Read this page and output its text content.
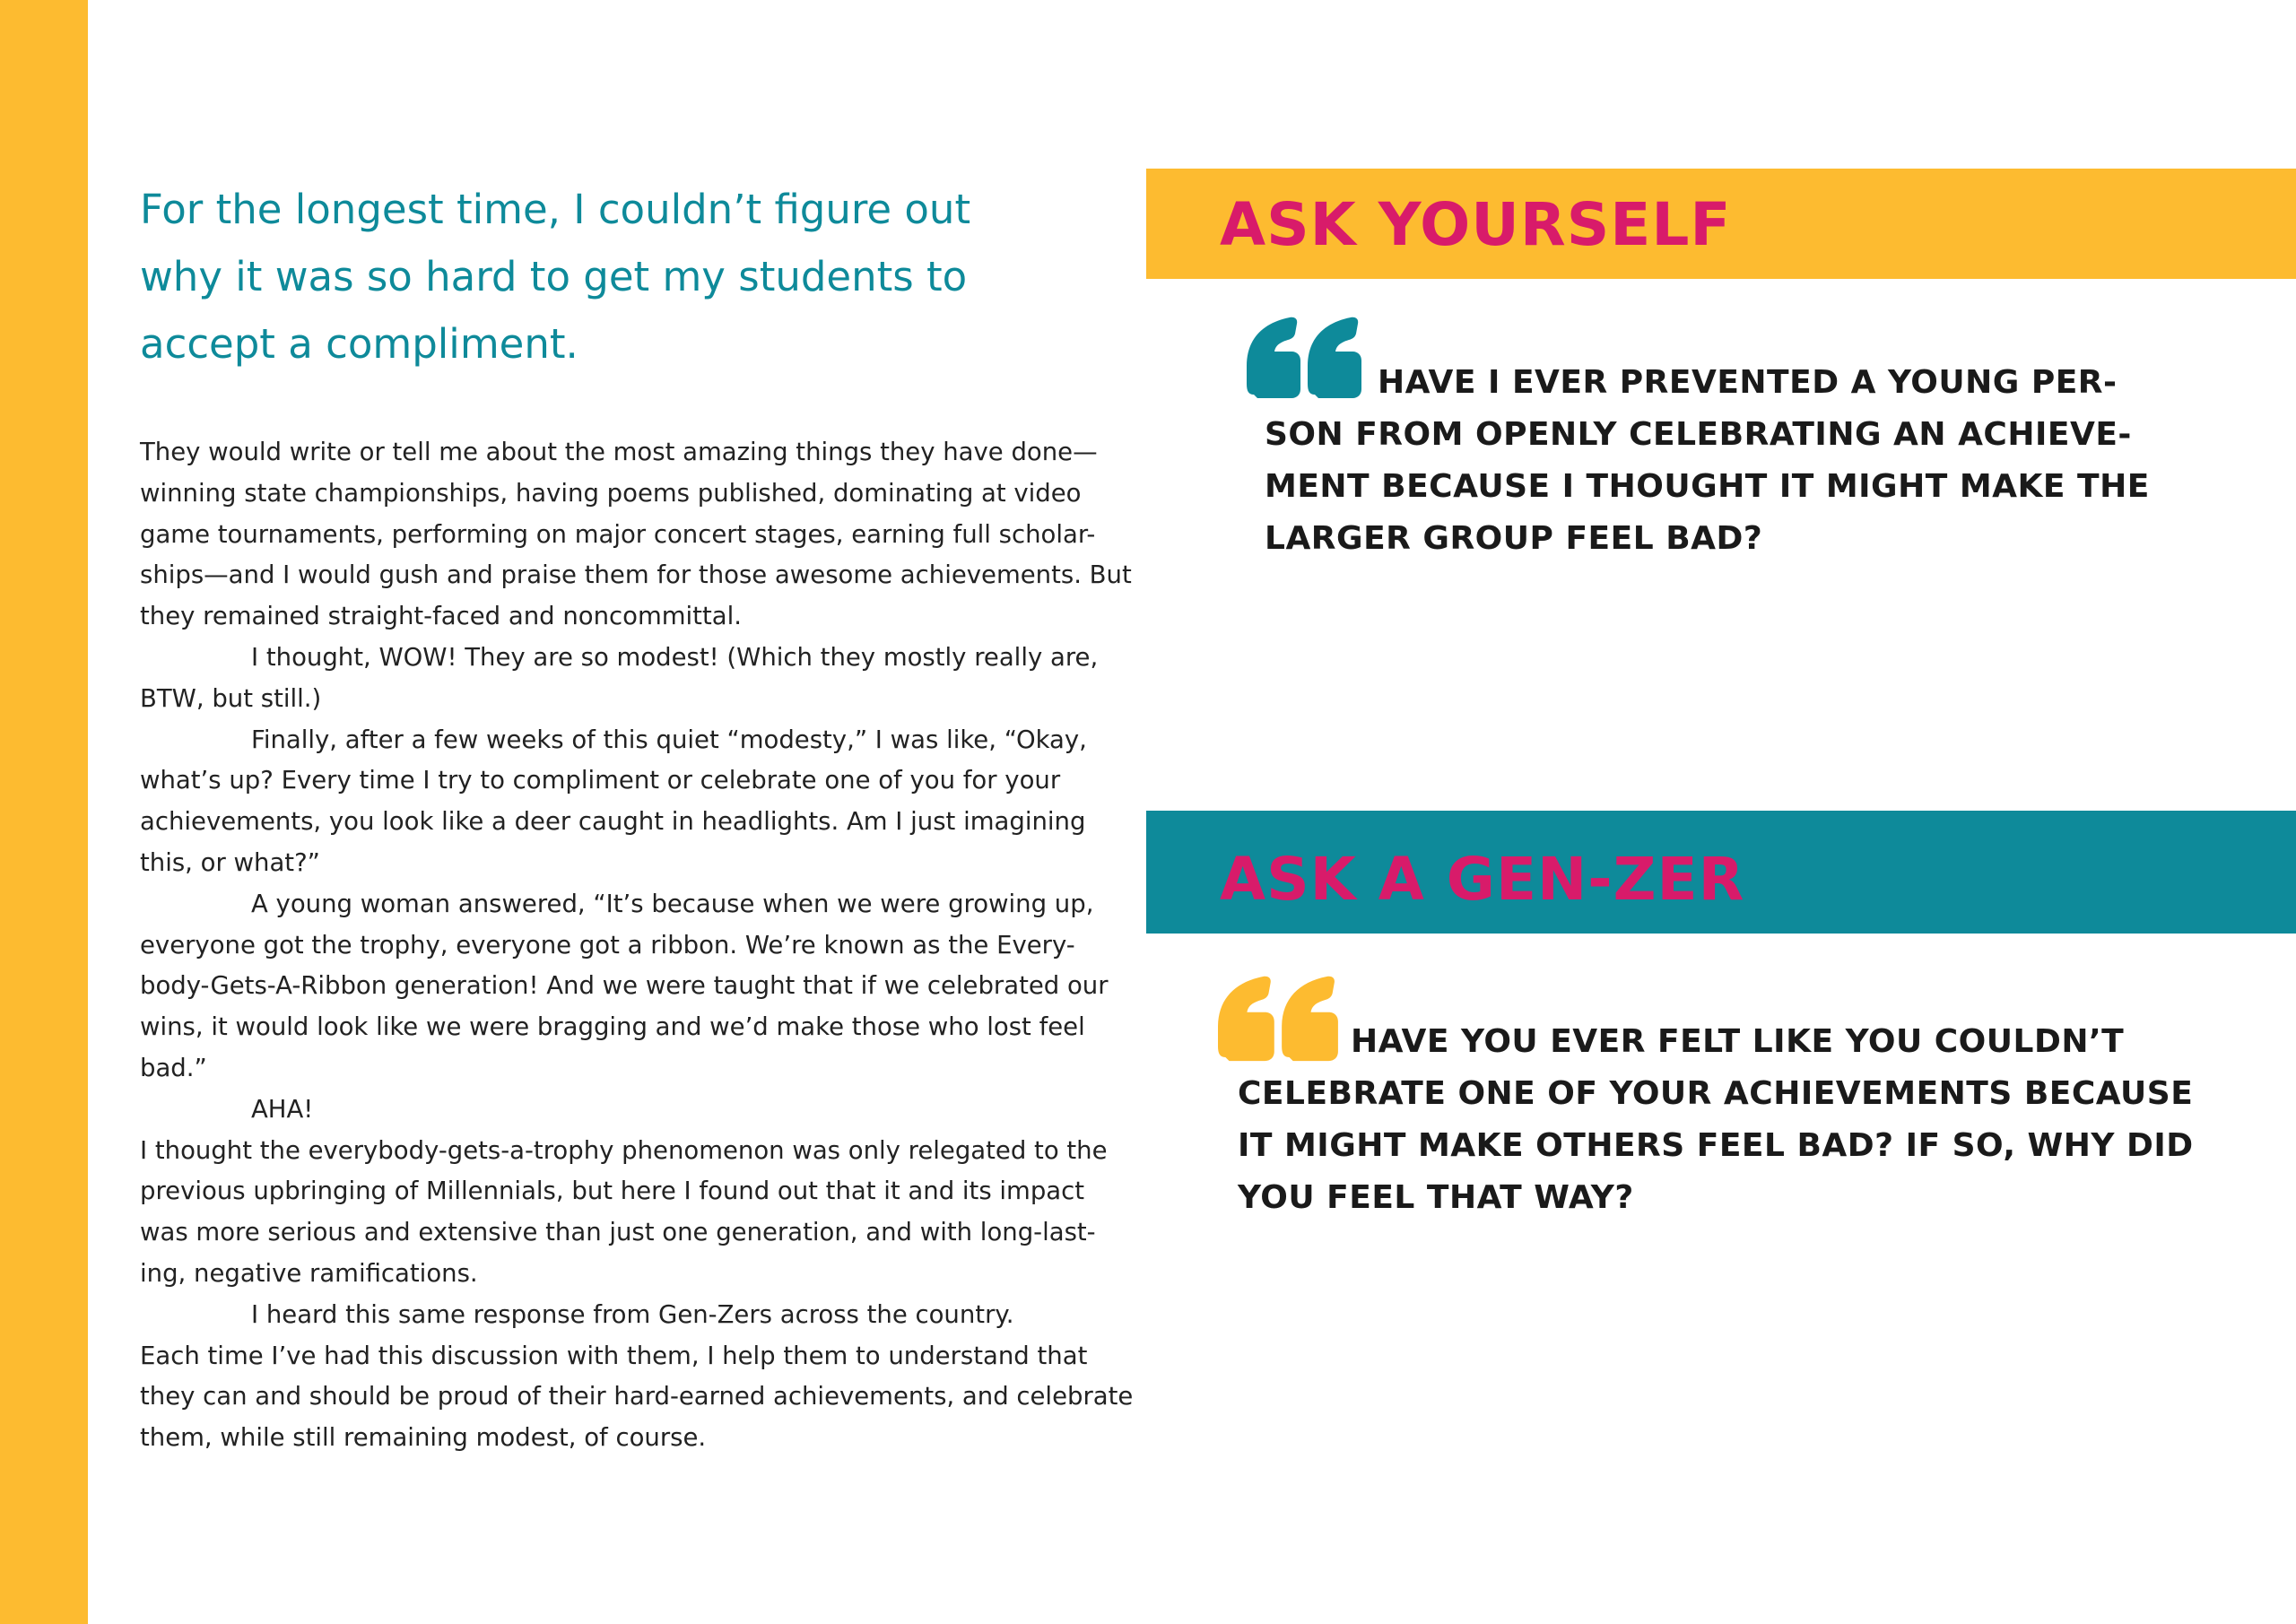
For the longest time, I couldn’t figure out
why it was so hard to get my students to
accept a compliment.
They would write or tell me about the most amazing things they have done—
winning state championships, having poems published, dominating at video
game tournaments, performing on major concert stages, earning full scholar-
ships—and I would gush and praise them for those awesome achievements. But
they remained straight-faced and noncommittal.
I thought, WOW! They are so modest! (Which they mostly really are,
BTW, but still.)
Finally, after a few weeks of this quiet “modesty,” I was like, “Okay,
what’s up? Every time I try to compliment or celebrate one of you for your
achievements, you look like a deer caught in headlights. Am I just imagining
this, or what?”
A young woman answered, “It’s because when we were growing up,
everyone got the trophy, everyone got a ribbon. We’re known as the Every-
body-Gets-A-Ribbon generation! And we were taught that if we celebrated our
wins, it would look like we were bragging and we’d make those who lost feel
bad.”
AHA!
I thought the everybody-gets-a-trophy phenomenon was only relegated to the
previous upbringing of Millennials, but here I found out that it and its impact
was more serious and extensive than just one generation, and with long-last-
ing, negative ramifications.
I heard this same response from Gen-Zers across the country.
Each time I’ve had this discussion with them, I help them to understand that
they can and should be proud of their hard-earned achievements, and celebrate
them, while still remaining modest, of course.
ASK YOURSELF
HAVE I EVER PREVENTED A YOUNG PER-
SON FROM OPENLY CELEBRATING AN ACHIEVE-
MENT BECAUSE I THOUGHT IT MIGHT MAKE THE
LARGER GROUP FEEL BAD?
ASK A GEN-ZER
HAVE YOU EVER FELT LIKE YOU COULDN’T
CELEBRATE ONE OF YOUR ACHIEVEMENTS BECAUSE
IT MIGHT MAKE OTHERS FEEL BAD? IF SO, WHY DID
YOU FEEL THAT WAY?
